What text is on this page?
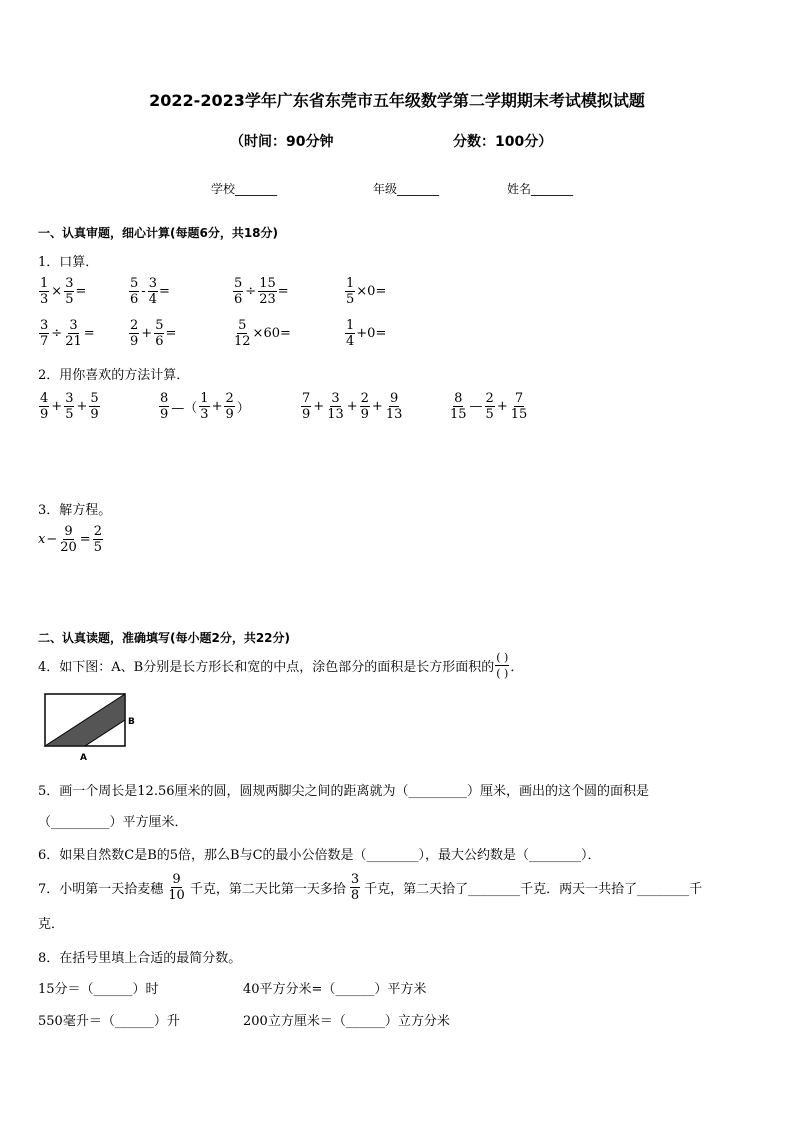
2022-2023学年广东省东莞市五年级数学第二学期期末考试模拟试题
（时间：90分钟	分数：100分）
学校_______	年级_______	姓名_______
一、认真审题，细心计算(每题6分，共18分)
1．口算．
$\frac{1}{3} \times \frac{3}{5}$ =	$\frac{5}{6} - \frac{3}{4}$ =	$\frac{5}{6} \div \frac{15}{23}$ =	$\frac{1}{5} \times 0=$
$\frac{3}{7} \div \frac{3}{21}$ =	$\frac{2}{9} + \frac{5}{6}$ =	$\frac{5}{12} \times 60=$	$\frac{1}{4} +0=$
2．用你喜欢的方法计算．
$\frac{4}{9} + \frac{3}{5} + \frac{5}{9}$	$\frac{8}{9}$ —（ $\frac{1}{3} + \frac{2}{9}$ ）	$\frac{7}{9} + \frac{3}{13} + \frac{2}{9} + \frac{9}{13}$	$\frac{8}{15}$ — $\frac{2}{5} + \frac{7}{15}$
3．解方程。
$x - \frac{9}{20} = \frac{2}{5}$
二、认真读题，准确填写(每小题2分，共22分)
4．如下图：A、B分别是长方形长和宽的中点，涂色部分的面积是长方形面积的 $\frac{( )}{( )}$ ．
B
A
5．画一个周长是12.56厘米的圆，圆规两脚尖之间的距离就为（_________）厘米，画出的这个圆的面积是
（_________）平方厘米．
6．如果自然数C是B的5倍，那么B与C的最小公倍数是（________），最大公约数是（________）．
7．小明第一天拾麦穗 $\frac{9}{10}$ 千克，第二天比第一天多拾 $\frac{3}{8}$ 千克，第二天拾了________千克．两天一共拾了________千
克．
8．在括号里填上合适的最简分数。
15分＝（______）时	40平方分米=（______）平方米
550毫升＝（______）升	200立方厘米＝（______）立方分米
